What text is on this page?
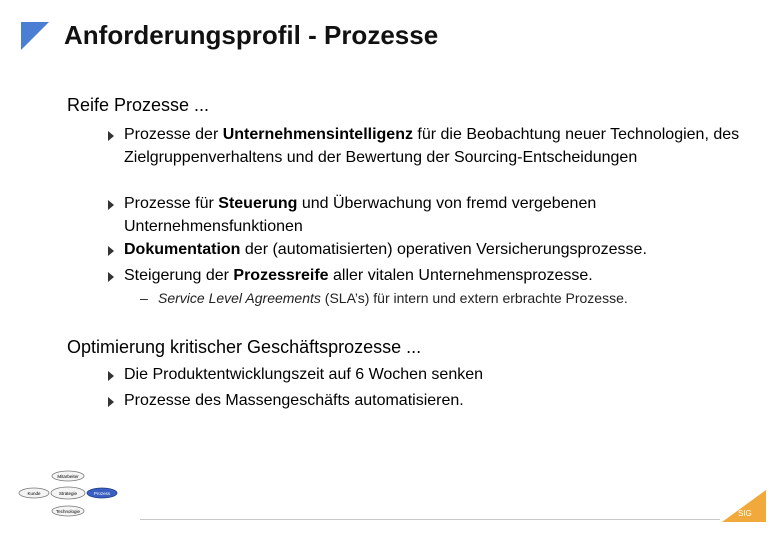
Anforderungsprofil - Prozesse
Reife Prozesse ...
Prozesse der Unternehmensintelligenz für die Beobachtung neuer Technologien, des Zielgruppenverhaltens und der Bewertung der Sourcing-Entscheidungen
Prozesse für Steuerung und Überwachung von fremd vergebenen Unternehmensfunktionen
Dokumentation der (automatisierten) operativen Versicherungsprozesse.
Steigerung der Prozessreife aller vitalen Unternehmensprozesse.
– Service Level Agreements (SLA’s) für intern und extern erbrachte Prozesse.
Optimierung kritischer Geschäftsprozesse ...
Die Produktentwicklungszeit auf 6 Wochen senken
Prozesse des Massengeschäfts automatisieren.
Mitarbeiter
Kunde	Prozess
Strategie
Technologie	SIG
